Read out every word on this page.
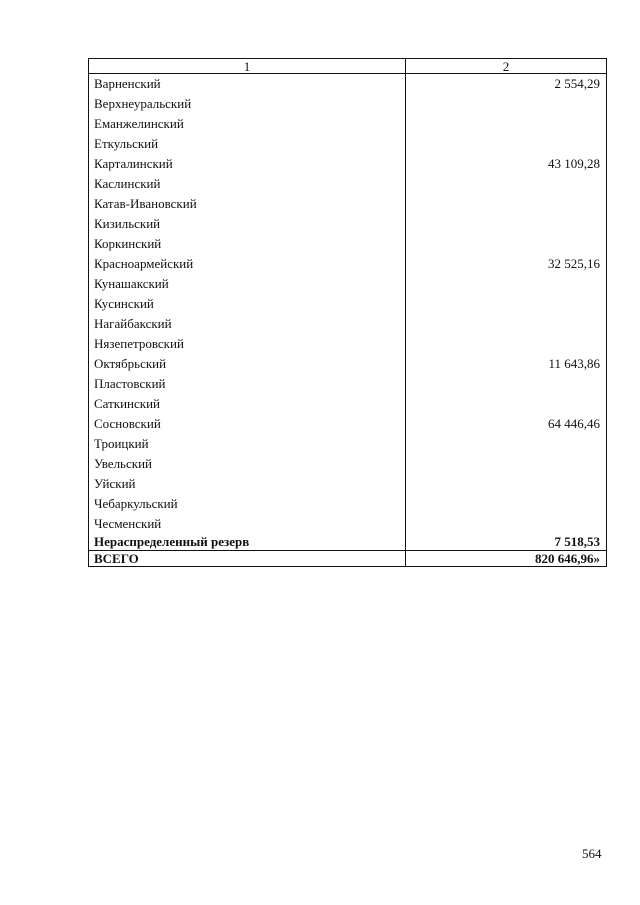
1	2
Варненский	2 554,29
Верхнеуральский	
Еманжелинский	
Еткульский	
Карталинский	43 109,28
Каслинский	
Катав-Ивановский	
Кизильский	
Коркинский	
Красноармейский	32 525,16
Кунашакский	
Кусинский	
Нагайбакский	
Нязепетровский	
Октябрьский	11 643,86
Пластовский	
Саткинский	
Сосновский	64 446,46
Троицкий	
Увельский	
Уйский	
Чебаркульский	
Чесменский	
Нераспределенный резерв	7 518,53
ВСЕГО	820 646,96»
564
